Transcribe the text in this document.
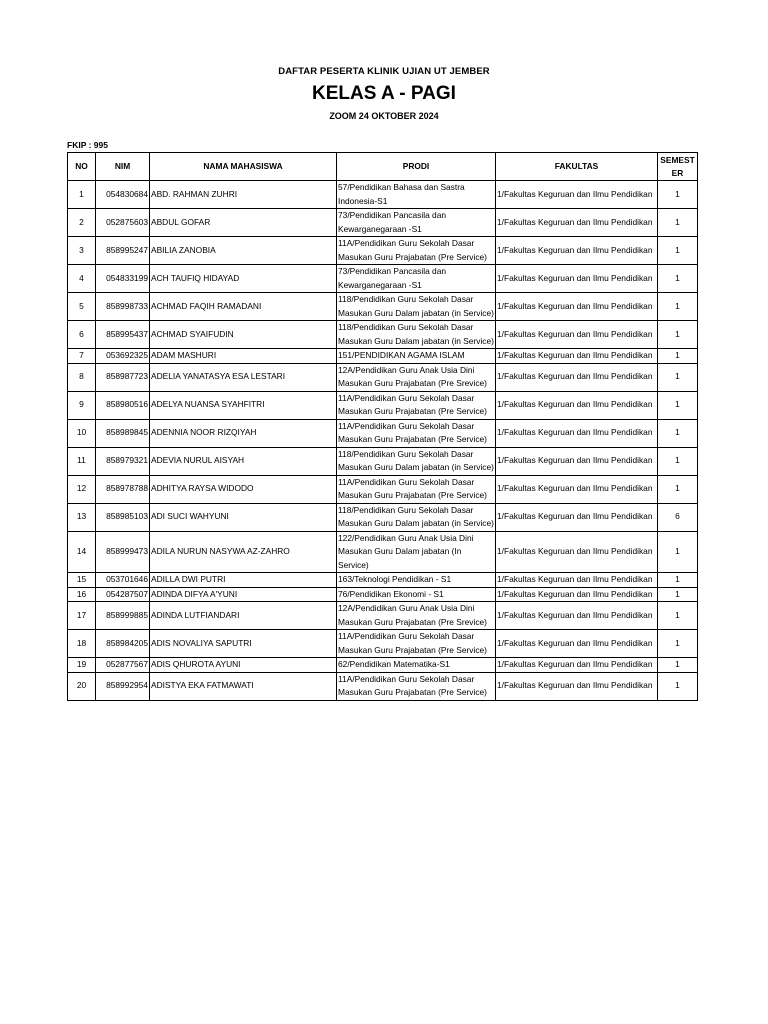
DAFTAR PESERTA KLINIK UJIAN UT JEMBER
KELAS A - PAGI
ZOOM 24 OKTOBER 2024
FKIP : 995
NO	NIM	NAMA MAHASISWA	PRODI	FAKULTAS	SEMEST ER
1	054830684	ABD. RAHMAN ZUHRI	57/Pendidikan Bahasa dan Sastra Indonesia-S1	1/Fakultas Keguruan dan Ilmu Pendidikan	1
2	052875603	ABDUL GOFAR	73/Pendidikan Pancasila dan Kewarganegaraan -S1	1/Fakultas Keguruan dan Ilmu Pendidikan	1
3	858995247	ABILIA ZANOBIA	11A/Pendidikan Guru Sekolah Dasar Masukan Guru Prajabatan (Pre Service)	1/Fakultas Keguruan dan Ilmu Pendidikan	1
4	054833199	ACH TAUFIQ HIDAYAD	73/Pendidikan Pancasila dan Kewarganegaraan -S1	1/Fakultas Keguruan dan Ilmu Pendidikan	1
5	858998733	ACHMAD FAQIH RAMADANI	118/Pendidikan Guru Sekolah Dasar Masukan Guru Dalam jabatan (in Service)	1/Fakultas Keguruan dan Ilmu Pendidikan	1
6	858995437	ACHMAD SYAIFUDIN	118/Pendidikan Guru Sekolah Dasar Masukan Guru Dalam jabatan (in Service)	1/Fakultas Keguruan dan Ilmu Pendidikan	1
7	053692325	ADAM MASHURI	151/PENDIDIKAN AGAMA ISLAM	1/Fakultas Keguruan dan Ilmu Pendidikan	1
8	858987723	ADELIA YANATASYA ESA LESTARI	12A/Pendidikan Guru Anak Usia Dini Masukan Guru Prajabatan (Pre Srevice)	1/Fakultas Keguruan dan Ilmu Pendidikan	1
9	858980516	ADELYA NUANSA SYAHFITRI	11A/Pendidikan Guru Sekolah Dasar Masukan Guru Prajabatan (Pre Service)	1/Fakultas Keguruan dan Ilmu Pendidikan	1
10	858989845	ADENNIA NOOR RIZQIYAH	11A/Pendidikan Guru Sekolah Dasar Masukan Guru Prajabatan (Pre Service)	1/Fakultas Keguruan dan Ilmu Pendidikan	1
11	858979321	ADEVIA NURUL AISYAH	118/Pendidikan Guru Sekolah Dasar Masukan Guru Dalam jabatan (in Service)	1/Fakultas Keguruan dan Ilmu Pendidikan	1
12	858978788	ADHITYA RAYSA WIDODO	11A/Pendidikan Guru Sekolah Dasar Masukan Guru Prajabatan (Pre Service)	1/Fakultas Keguruan dan Ilmu Pendidikan	1
13	858985103	ADI SUCI WAHYUNI	118/Pendidikan Guru Sekolah Dasar Masukan Guru Dalam jabatan (in Service)	1/Fakultas Keguruan dan Ilmu Pendidikan	6
14	858999473	ADILA NURUN NASYWA AZ-ZAHRO	122/Pendidikan Guru Anak Usia Dini Masukan Guru Dalam jabatan (In Service)	1/Fakultas Keguruan dan Ilmu Pendidikan	1
15	053701646	ADILLA DWI PUTRI	163/Teknologi Pendidikan - S1	1/Fakultas Keguruan dan Ilmu Pendidikan	1
16	054287507	ADINDA DIFYA A'YUNI	76/Pendidikan Ekonomi - S1	1/Fakultas Keguruan dan Ilmu Pendidikan	1
17	858999885	ADINDA LUTFIANDARI	12A/Pendidikan Guru Anak Usia Dini Masukan Guru Prajabatan (Pre Srevice)	1/Fakultas Keguruan dan Ilmu Pendidikan	1
18	858984205	ADIS NOVALIYA SAPUTRI	11A/Pendidikan Guru Sekolah Dasar Masukan Guru Prajabatan (Pre Service)	1/Fakultas Keguruan dan Ilmu Pendidikan	1
19	052877567	ADIS QHUROTA AYUNI	62/Pendidikan Matematika-S1	1/Fakultas Keguruan dan Ilmu Pendidikan	1
20	858992954	ADISTYA EKA FATMAWATI	11A/Pendidikan Guru Sekolah Dasar Masukan Guru Prajabatan (Pre Service)	1/Fakultas Keguruan dan Ilmu Pendidikan	1
